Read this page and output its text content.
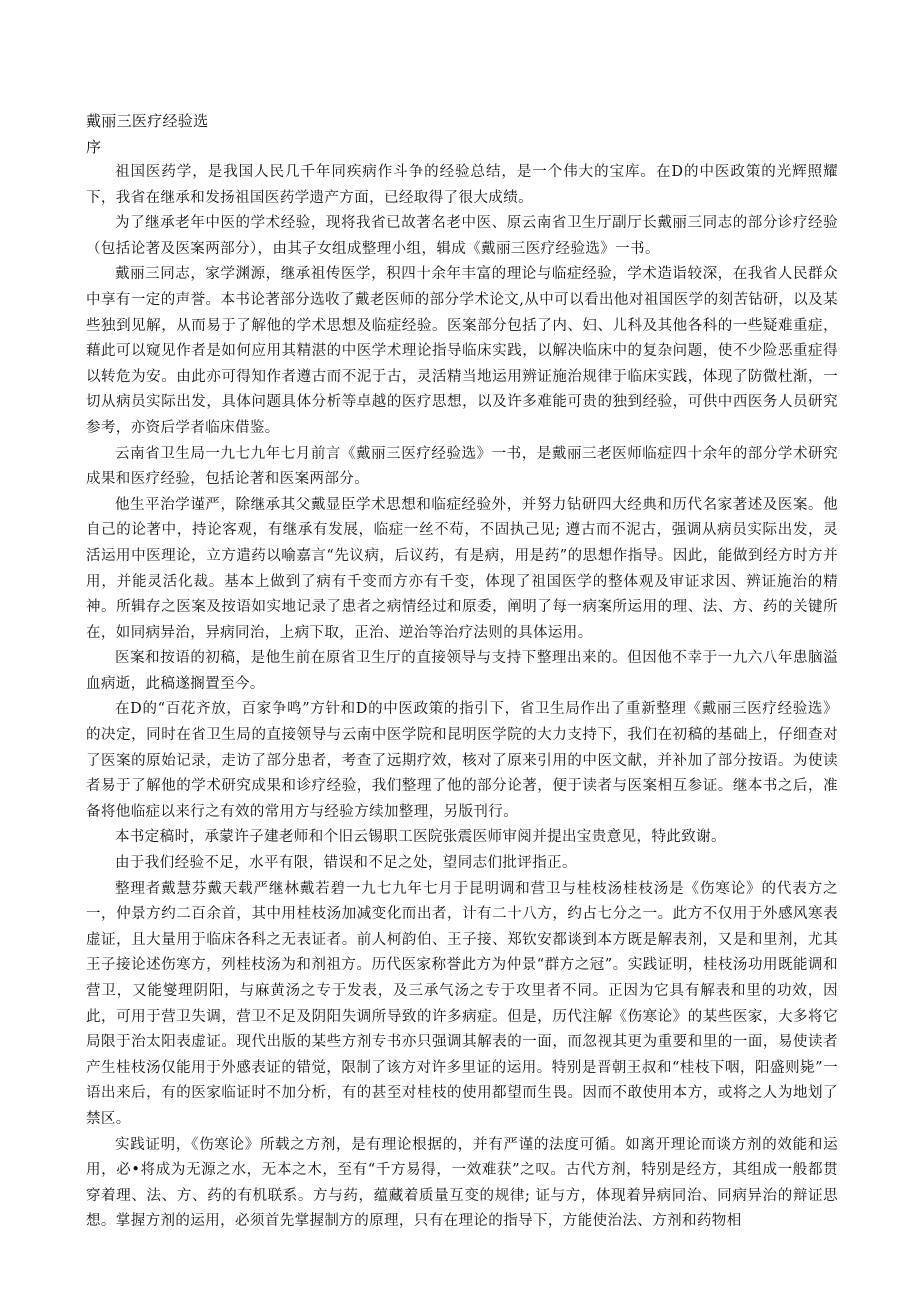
戴丽三医疗经验选
序

祖国医药学，是我国人民几千年同疾病作斗争的经验总结，是一个伟大的宝库。在D的中医政策的光辉照耀下，我省在继承和发扬祖国医药学遗产方面，已经取得了很大成绩。

为了继承老年中医的学术经验，现将我省已故著名老中医、原云南省卫生厅副厅长戴丽三同志的部分诊疗经验（包括论著及医案两部分），由其子女组成整理小组，辑成《戴丽三医疗经验选》一书。

戴丽三同志，家学渊源，继承祖传医学，积四十余年丰富的理论与临症经验，学术造诣较深，在我省人民群众中享有一定的声誉。本书论著部分选收了戴老医师的部分学术论文,从中可以看出他对祖国医学的刻苦钻研，以及某些独到见解，从而易于了解他的学术思想及临症经验。医案部分包括了内、妇、儿科及其他各科的一些疑难重症，藉此可以窥见作者是如何应用其精湛的中医学术理论指导临床实践，以解决临床中的复杂问题，使不少险恶重症得以转危为安。由此亦可得知作者遵古而不泥于古，灵活精当地运用辨证施治规律于临床实践，体现了防微杜渐，一切从病员实际出发，具体问题具体分析等卓越的医疗思想，以及许多难能可贵的独到经验，可供中西医务人员研究参考，亦资后学者临床借鉴。

云南省卫生局一九七九年七月前言《戴丽三医疗经验选》一书，是戴丽三老医师临症四十余年的部分学术研究成果和医疗经验，包括论著和医案两部分。

他生平治学谨严，除继承其父戴显臣学术思想和临症经验外，并努力钻研四大经典和历代名家著述及医案。他自己的论著中，持论客观，有继承有发展，临症一丝不苟，不固执己见; 遵古而不泥古，强调从病员实际出发，灵活运用中医理论，立方遣药以喻嘉言“先议病，后议药，有是病，用是药”的思想作指导。因此，能做到经方时方并用，并能灵活化裁。基本上做到了病有千变而方亦有千变，体现了祖国医学的整体观及审证求因、辨证施治的精神。所辑存之医案及按语如实地记录了患者之病情经过和原委，阐明了每一病案所运用的理、法、方、药的关键所在，如同病异治，异病同治，上病下取，正治、逆治等治疗法则的具体运用。

医案和按语的初稿，是他生前在原省卫生厅的直接领导与支持下整理出来的。但因他不幸于一九六八年患脑溢血病逝，此稿遂搁置至今。

在D的“百花齐放，百家争鸣”方针和D的中医政策的指引下，省卫生局作出了重新整理《戴丽三医疗经验选》的决定，同时在省卫生局的直接领导与云南中医学院和昆明医学院的大力支持下，我们在初稿的基础上，仔细查对了医案的原始记录，走访了部分患者，考查了远期疗效，核对了原来引用的中医文献，并补加了部分按语。为使读者易于了解他的学术研究成果和诊疗经验，我们整理了他的部分论著，便于读者与医案相互参证。继本书之后，准备将他临症以来行之有效的常用方与经验方续加整理，另版刊行。

本书定稿时，承蒙许子建老师和个旧云锡职工医院张震医师审阅并提出宝贵意见，特此致谢。

由于我们经验不足，水平有限，错误和不足之处，望同志们批评指正。

整理者戴慧芬戴天载严继林戴若碧一九七九年七月于昆明调和营卫与桂枝汤桂枝汤是《伤寒论》的代表方之一，仲景方约二百余首，其中用桂枝汤加减变化而出者，计有二十八方，约占七分之一。此方不仅用于外感风寒表虚证，且大量用于临床各科之无表证者。前人柯韵伯、王子接、郑钦安都谈到本方既是解表剂，又是和里剂，尤其王子接论述伤寒方，列桂枝汤为和剂祖方。历代医家称誉此方为仲景“群方之冠”。实践证明，桂枝汤功用既能调和营卫，又能燮理阴阳，与麻黄汤之专于发表，及三承气汤之专于攻里者不同。正因为它具有解表和里的功效，因此，可用于营卫失调，营卫不足及阴阳失调所导致的许多病症。但是，历代注解《伤寒论》的某些医家，大多将它局限于治太阳表虚证。现代出版的某些方剂专书亦只强调其解表的一面，而忽视其更为重要和里的一面，易使读者产生桂枝汤仅能用于外感表证的错觉，限制了该方对许多里证的运用。特别是晋朝王叔和“桂枝下咽，阳盛则毙”一语出来后，有的医家临证时不加分析，有的甚至对桂枝的使用都望而生畏。因而不敢使用本方，或将之人为地划了禁区。

实践证明，《伤寒论》所载之方剂，是有理论根据的，并有严谨的法度可循。如离开理论而谈方剂的效能和运用，必•将成为无源之水，无本之木，至有“千方易得，一效难获”之叹。古代方剂，特别是经方，其组成一般都贯穿着理、法、方、药的有机联系。方与药，蕴藏着质量互变的规律; 证与方，体现着异病同治、同病异治的辩证思想。掌握方剂的运用，必须首先掌握制方的原理，只有在理论的指导下，方能使治法、方剂和药物相
